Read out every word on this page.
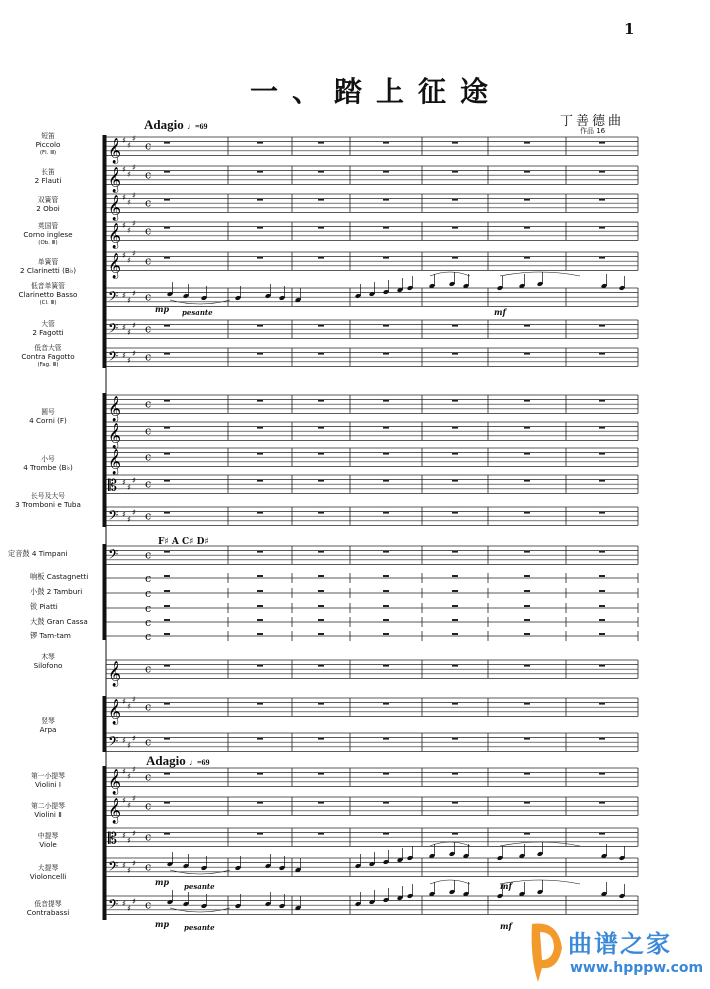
1
一、踏上征途
丁善德曲
作品 16
Adagio ♩=69
Adagio ♩=69
F♯ A C♯ D♯
短笛
Piccolo
(Fl. Ⅲ)
长笛
2 Flauti
双簧管
2 Oboi
英国管
Corno inglese
(Ob. Ⅲ)
单簧管
2 Clarinetti (B♭)
低音单簧管
Clarinetto Basso
(Cl. Ⅲ)
大管
2 Fagotti
低音大管
Contra Fagotto
(Fag. Ⅲ)
圆号
4 Corni (F)
小号
4 Trombe (B♭)
长号及大号
3 Tromboni e Tuba
定音鼓 4 Timpani
响板 Castagnetti
小鼓 2 Tamburi
钹 Piatti
大鼓 Gran Cassa
锣 Tam-tam
木琴
Silofono
竖琴
Arpa
第一小提琴
Violini Ⅰ
第二小提琴
Violini Ⅱ
中提琴
Viole
大提琴
Violoncelli
低音提琴
Contrabassi
𝄞 ♯
♯
♯
c
𝄞 ♯
♯
♯
c
𝄞 ♯
♯
♯
c
𝄞 ♯
♯
♯
c
𝄞 ♯
♯
♯
c
𝄢 ♯
♯
♯ c
𝄢 ♯
♯
♯ c
𝄢 ♯
♯
♯ c
𝄞 c
𝄞 c
𝄞 c
𝄡 ♯
♯
♯ c
𝄢 ♯
♯
♯ c
𝄢 c
𝄞 c
𝄞 ♯
♯
♯
c
𝄢 ♯
♯
♯ c
𝄞 ♯
♯
♯
c
𝄞 ♯
♯
♯
c
𝄡 ♯
♯
♯ c
𝄢 ♯
♯
♯ c
𝄢 ♯
♯
♯ c
c
c
c
c
c
mp pesante	mf
mp pesante	mf
mp pesante	mf
曲谱之家
www.hpppw.com
